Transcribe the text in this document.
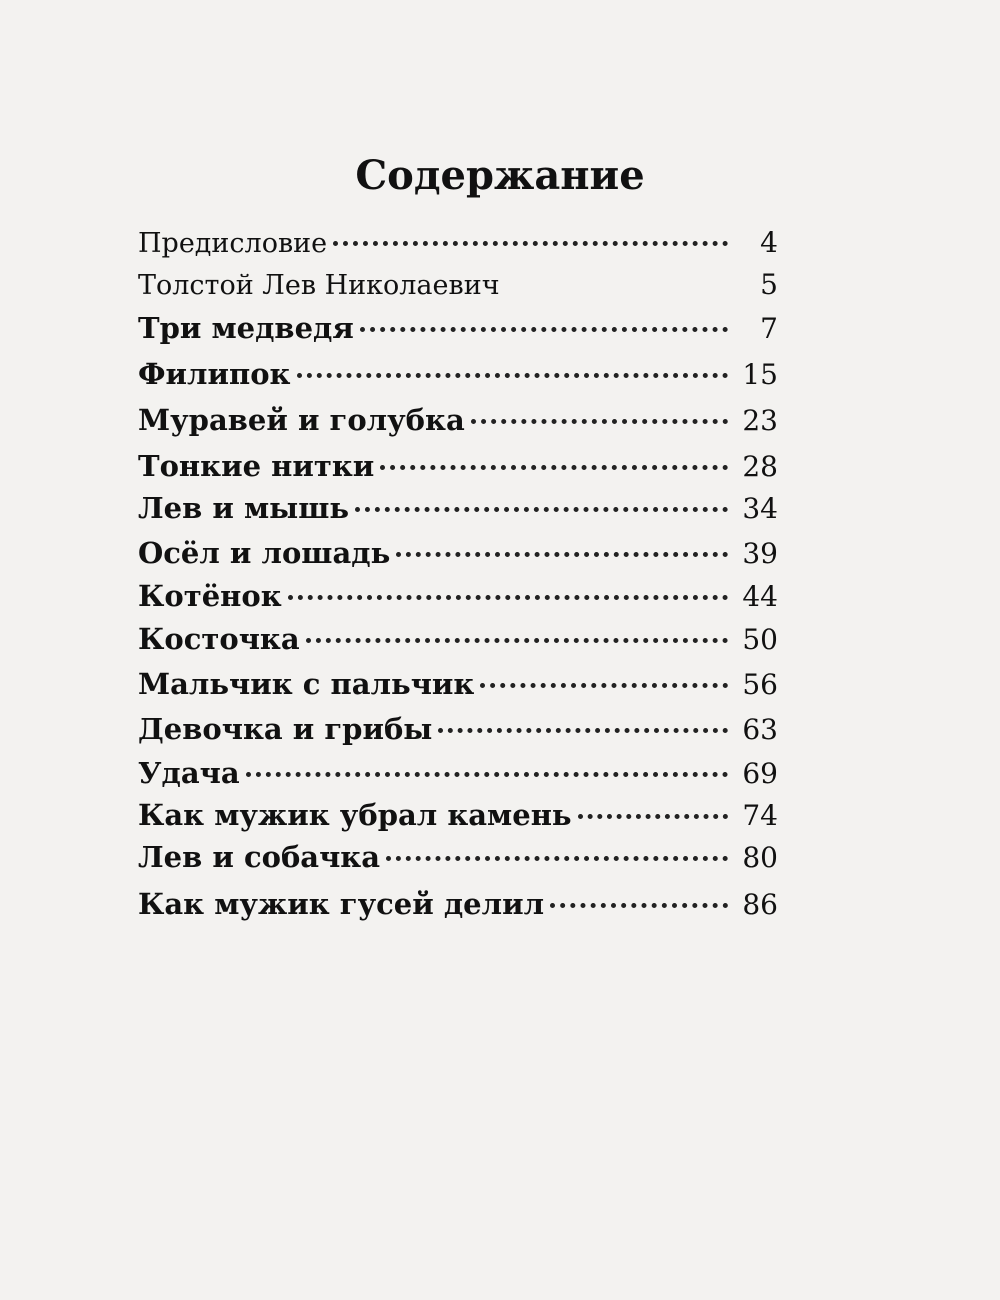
Содержание
Предисловие	4
Толстой Лев Николаевич	5
Три медведя	7
Филипок	15
Муравей и голубка	23
Тонкие нитки	28
Лев и мышь	34
Осёл и лошадь	39
Котёнок	44
Косточка	50
Мальчик с пальчик	56
Девочка и грибы	63
Удача	69
Как мужик убрал камень	74
Лев и собачка	80
Как мужик гусей делил	86
